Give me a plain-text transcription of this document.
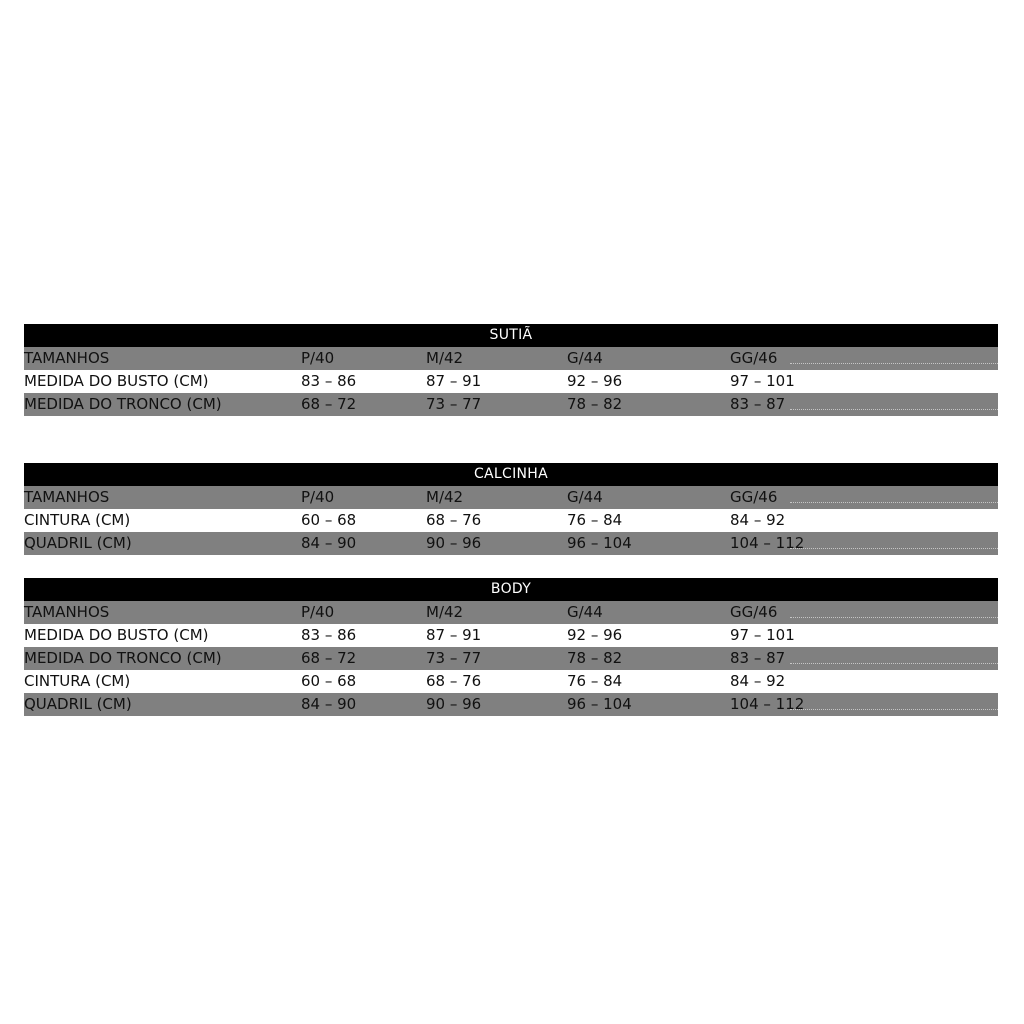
SUTIÃ
TAMANHOS	P/40	M/42	G/44	GG/46
MEDIDA DO BUSTO (CM)	83 – 86	87 – 91	92 – 96	97 – 101
MEDIDA DO TRONCO (CM)	68 – 72	73 – 77	78 – 82	83 – 87
CALCINHA
TAMANHOS	P/40	M/42	G/44	GG/46
CINTURA (CM)	60 – 68	68 – 76	76 – 84	84 – 92
QUADRIL (CM)	84 – 90	90 – 96	96 – 104	104 – 112
BODY
TAMANHOS	P/40	M/42	G/44	GG/46
MEDIDA DO BUSTO (CM)	83 – 86	87 – 91	92 – 96	97 – 101
MEDIDA DO TRONCO (CM)	68 – 72	73 – 77	78 – 82	83 – 87
CINTURA (CM)	60 – 68	68 – 76	76 – 84	84 – 92
QUADRIL (CM)	84 – 90	90 – 96	96 – 104	104 – 112
